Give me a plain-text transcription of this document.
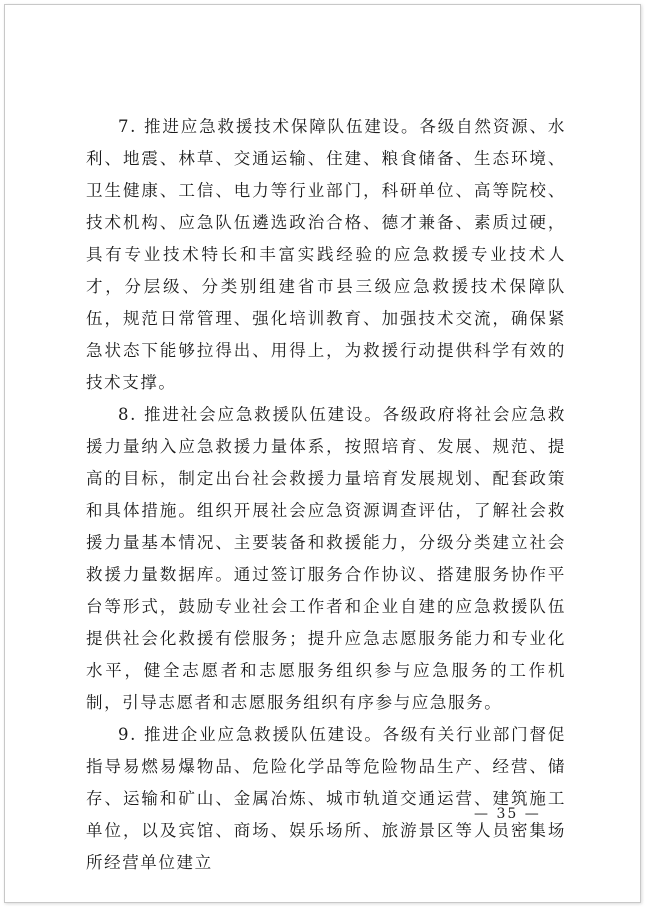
7. 推进应急救援技术保障队伍建设。各级自然资源、水利、地震、林草、交通运输、住建、粮食储备、生态环境、卫生健康、工信、电力等行业部门，科研单位、高等院校、技术机构、应急队伍遴选政治合格、德才兼备、素质过硬，具有专业技术特长和丰富实践经验的应急救援专业技术人才，分层级、分类别组建省市县三级应急救援技术保障队伍，规范日常管理、强化培训教育、加强技术交流，确保紧急状态下能够拉得出、用得上，为救援行动提供科学有效的技术支撑。

8. 推进社会应急救援队伍建设。各级政府将社会应急救援力量纳入应急救援力量体系，按照培育、发展、规范、提高的目标，制定出台社会救援力量培育发展规划、配套政策和具体措施。组织开展社会应急资源调查评估，了解社会救援力量基本情况、主要装备和救援能力，分级分类建立社会救援力量数据库。通过签订服务合作协议、搭建服务协作平台等形式，鼓励专业社会工作者和企业自建的应急救援队伍提供社会化救援有偿服务；提升应急志愿服务能力和专业化水平，健全志愿者和志愿服务组织参与应急服务的工作机制，引导志愿者和志愿服务组织有序参与应急服务。

9. 推进企业应急救援队伍建设。各级有关行业部门督促指导易燃易爆物品、危险化学品等危险物品生产、经营、储存、运输和矿山、金属冶炼、城市轨道交通运营、建筑施工单位，以及宾馆、商场、娱乐场所、旅游景区等人员密集场所经营单位建立

— 35 —
